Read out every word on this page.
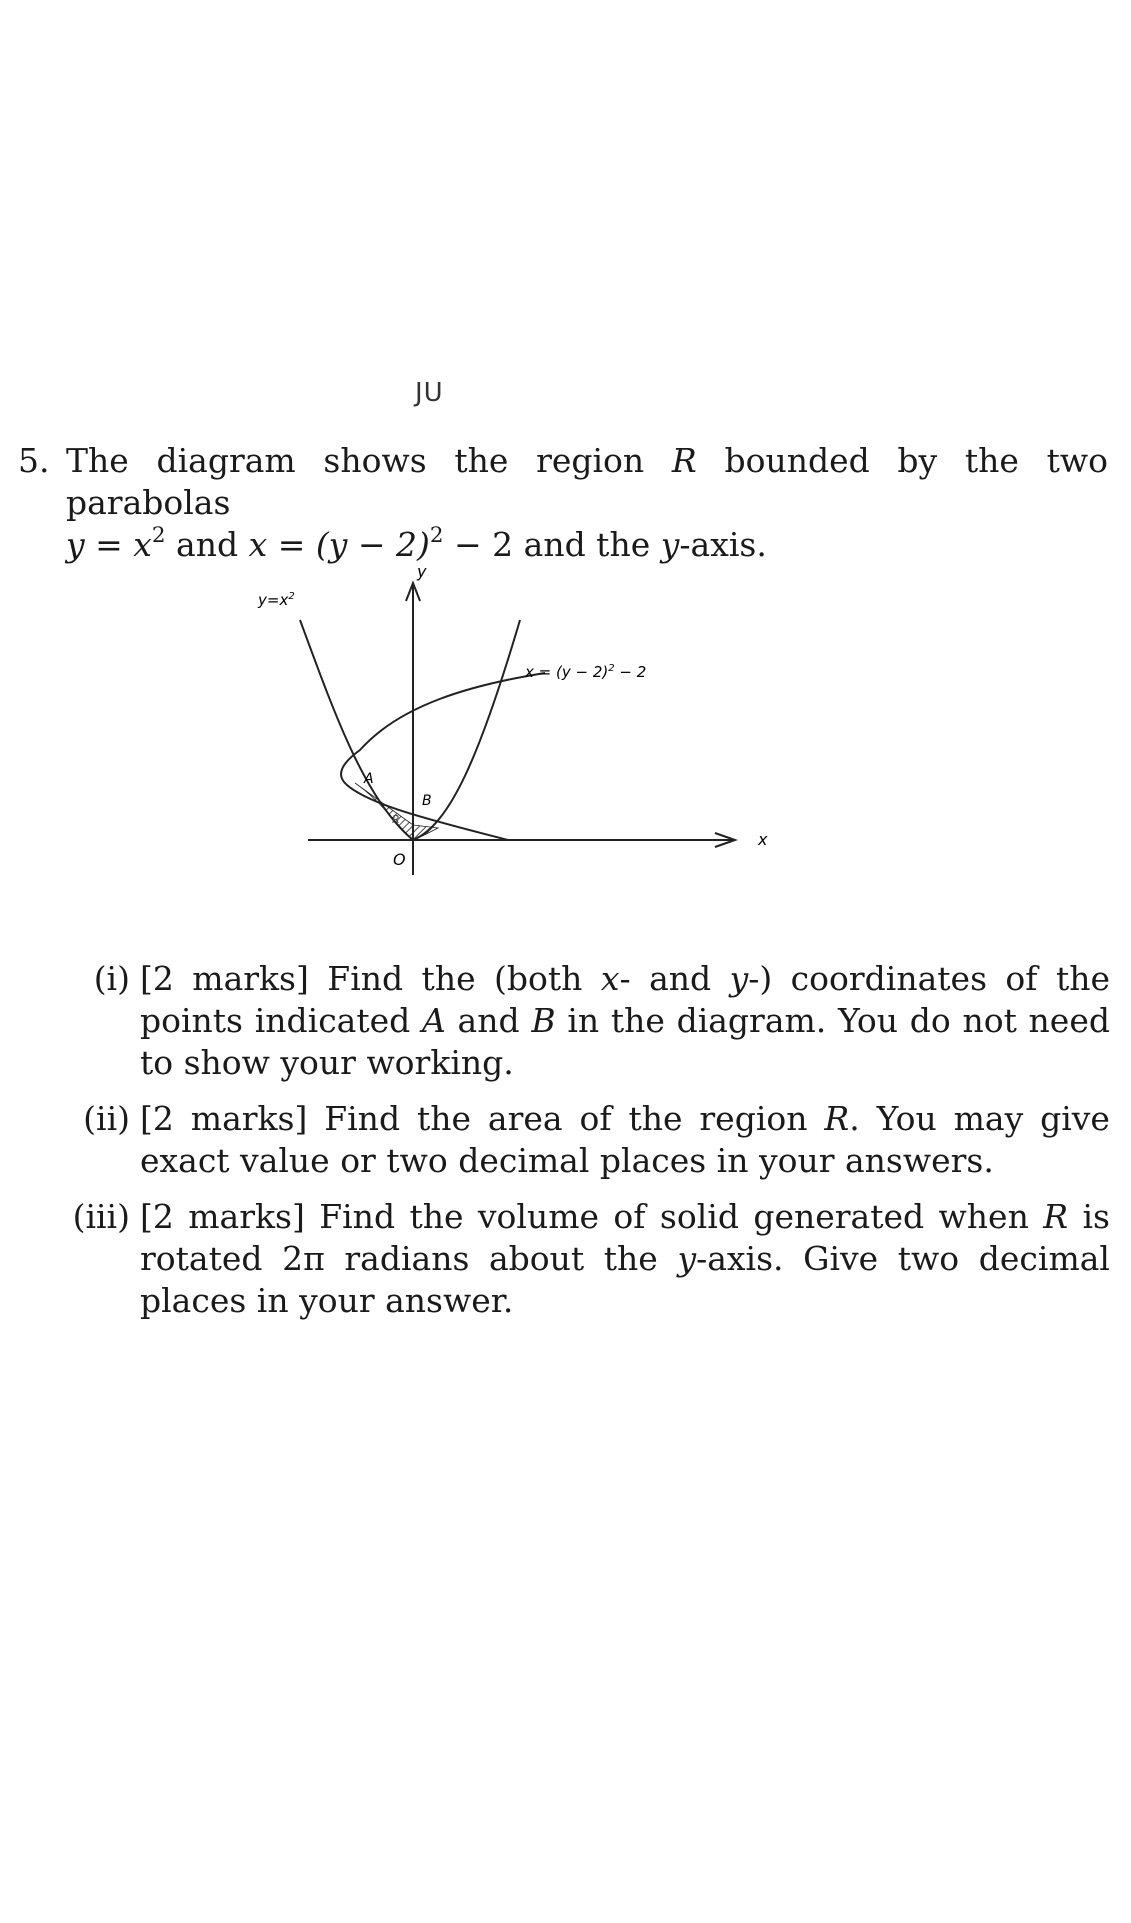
JU
5. The diagram shows the region R bounded by the two parabolas
$y = x^2$ and $x = (y - 2)^2 - 2$ and the y-axis.
$y=x^2$
$x = (y - 2)^2 - 2$
y
x
O
A
B
R
(i) [2 marks] Find the (both x- and y-) coordinates of the points indicated A and B in the diagram. You do not need to show your working.
(ii) [2 marks] Find the area of the region R. You may give exact value or two decimal places in your answers.
(iii) [2 marks] Find the volume of solid generated when R is rotated 2π radians about the y-axis. Give two decimal places in your answer.
